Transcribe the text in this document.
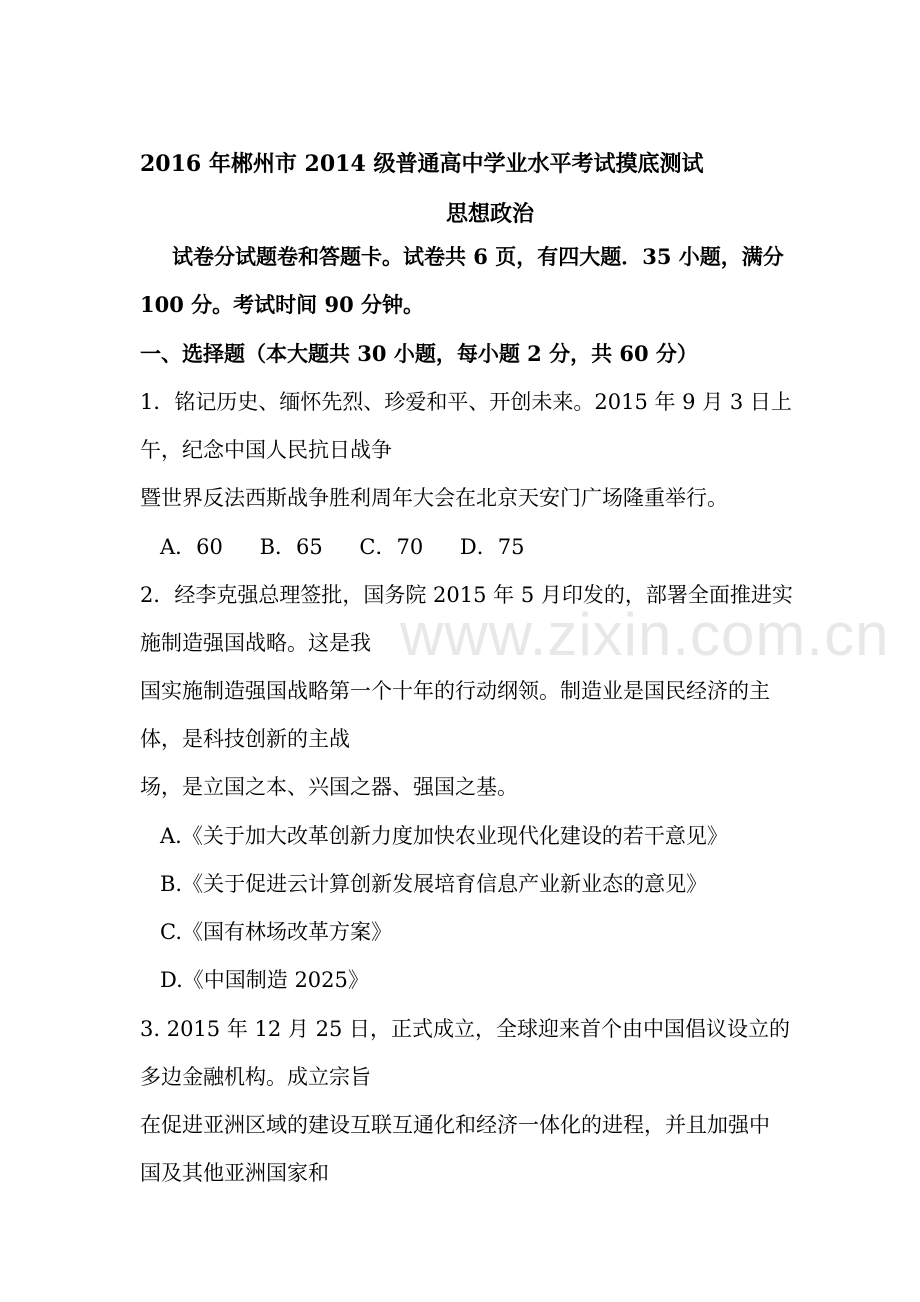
2016 年郴州市 2014 级普通高中学业水平考试摸底测试
思想政治
试卷分试题卷和答题卡。试卷共 6 页，有四大题．35 小题，满分
100 分。考试时间 90 分钟。
一、选择题（本大题共 30 小题，每小题 2 分，共 60 分）
1．铭记历史、缅怀先烈、珍爱和平、开创未来。2015 年 9 月 3 日上
午，纪念中国人民抗日战争
暨世界反法西斯战争胜利周年大会在北京天安门广场隆重举行。
A．60 B．65 C．70 D．75
2．经李克强总理签批，国务院 2015 年 5 月印发的，部署全面推进实
施制造强国战略。这是我
国实施制造强国战略第一个十年的行动纲领。制造业是国民经济的主
体，是科技创新的主战
场，是立国之本、兴国之器、强国之基。
A.《关于加大改革创新力度加快农业现代化建设的若干意见》
B.《关于促进云计算创新发展培育信息产业新业态的意见》
C.《国有林场改革方案》
D.《中国制造 2025》
3. 2015 年 12 月 25 日，正式成立，全球迎来首个由中国倡议设立的
多边金融机构。成立宗旨
在促进亚洲区域的建设互联互通化和经济一体化的进程，并且加强中
国及其他亚洲国家和
www.zixin.com.cn
